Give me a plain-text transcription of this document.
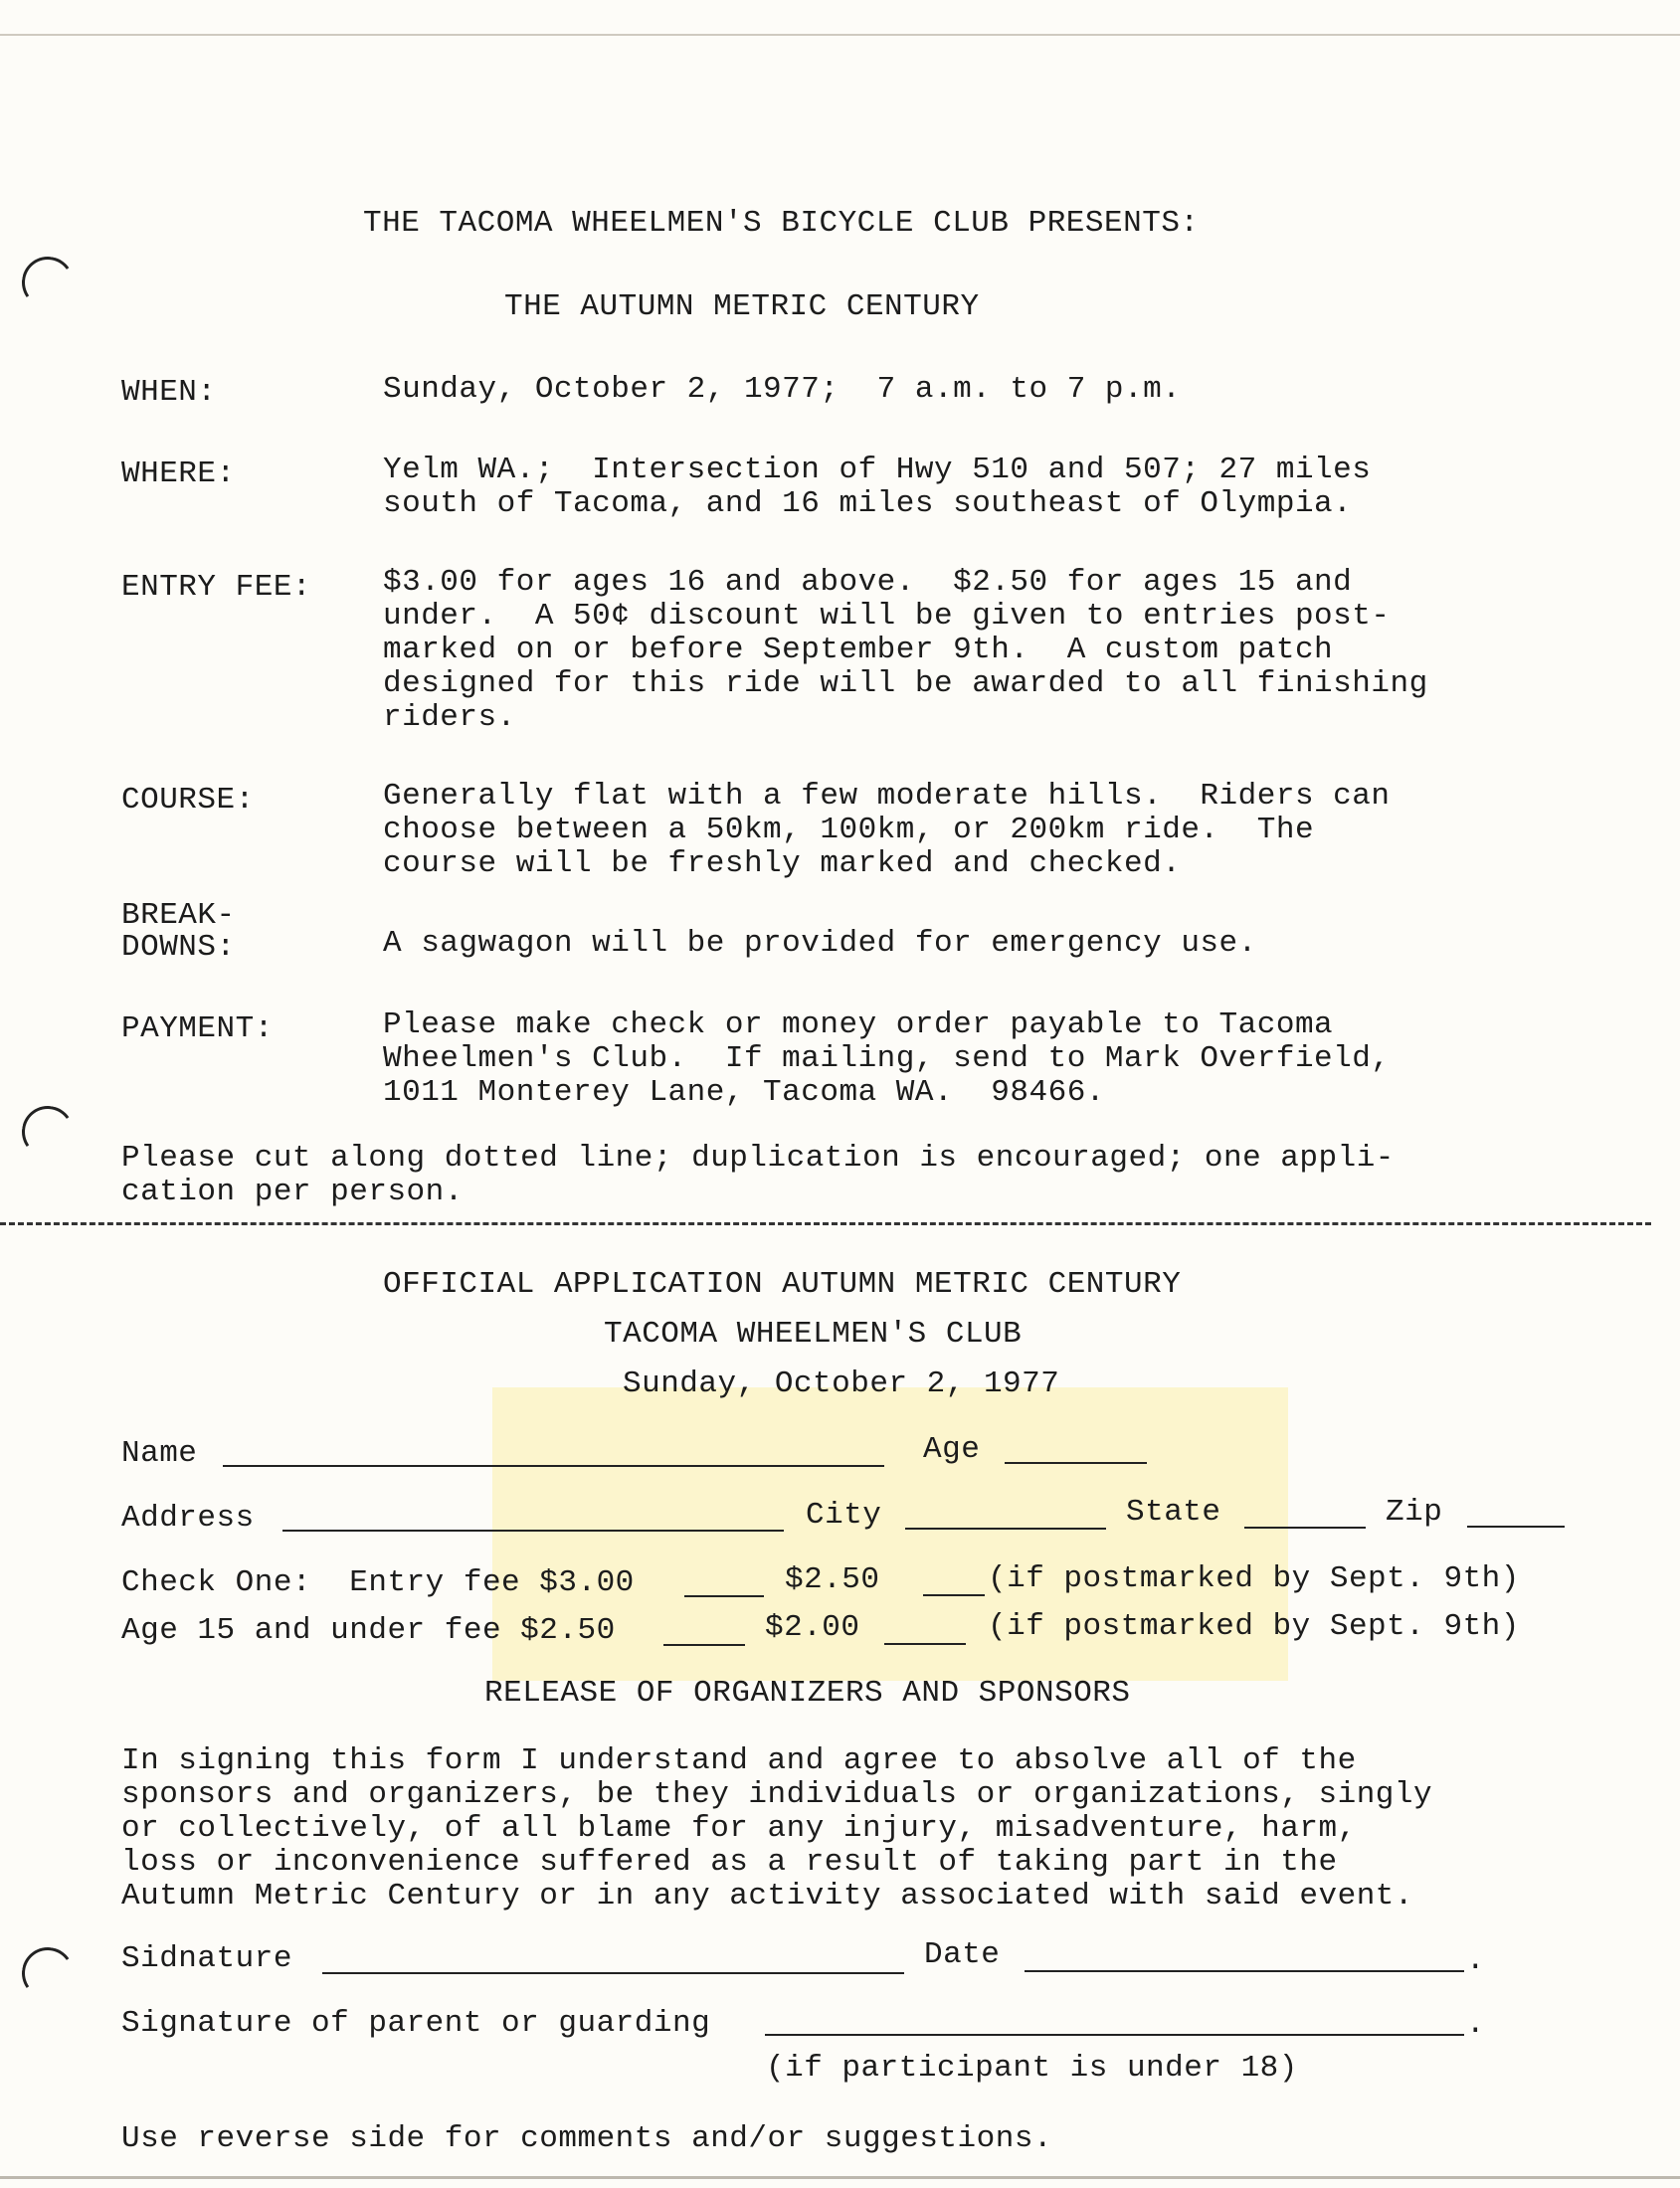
THE TACOMA WHEELMEN'S BICYCLE CLUB PRESENTS:
THE AUTUMN METRIC CENTURY
WHEN:	Sunday, October 2, 1977;  7 a.m. to 7 p.m.
WHERE:	Yelm WA.;  Intersection of Hwy 510 and 507; 27 miles
south of Tacoma, and 16 miles southeast of Olympia.
ENTRY FEE: $3.00 for ages 16 and above.  $2.50 for ages 15 and
under.  A 50¢ discount will be given to entries post-
marked on or before September 9th.  A custom patch
designed for this ride will be awarded to all finishing
riders.
COURSE:	Generally flat with a few moderate hills.  Riders can
choose between a 50km, 100km, or 200km ride.  The
course will be freshly marked and checked.
BREAK-
DOWNS:	A sagwagon will be provided for emergency use.
PAYMENT:	Please make check or money order payable to Tacoma
Wheelmen's Club.  If mailing, send to Mark Overfield,
1011 Monterey Lane, Tacoma WA.  98466.
Please cut along dotted line; duplication is encouraged; one appli-
cation per person.
OFFICIAL APPLICATION AUTUMN METRIC CENTURY
TACOMA WHEELMEN'S CLUB
Sunday, October 2, 1977
Name	Age
Address	City	State	Zip
Check One:  Entry fee $3.00	$2.50	(if postmarked by Sept. 9th)
Age 15 and under fee $2.50	$2.00	(if postmarked by Sept. 9th)
RELEASE OF ORGANIZERS AND SPONSORS
In signing this form I understand and agree to absolve all of the
sponsors and organizers, be they individuals or organizations, singly
or collectively, of all blame for any injury, misadventure, harm,
loss or inconvenience suffered as a result of taking part in the
Autumn Metric Century or in any activity associated with said event.
Sidnature	Date	.
Signature of parent or guarding	.
(if participant is under 18)
Use reverse side for comments and/or suggestions.
